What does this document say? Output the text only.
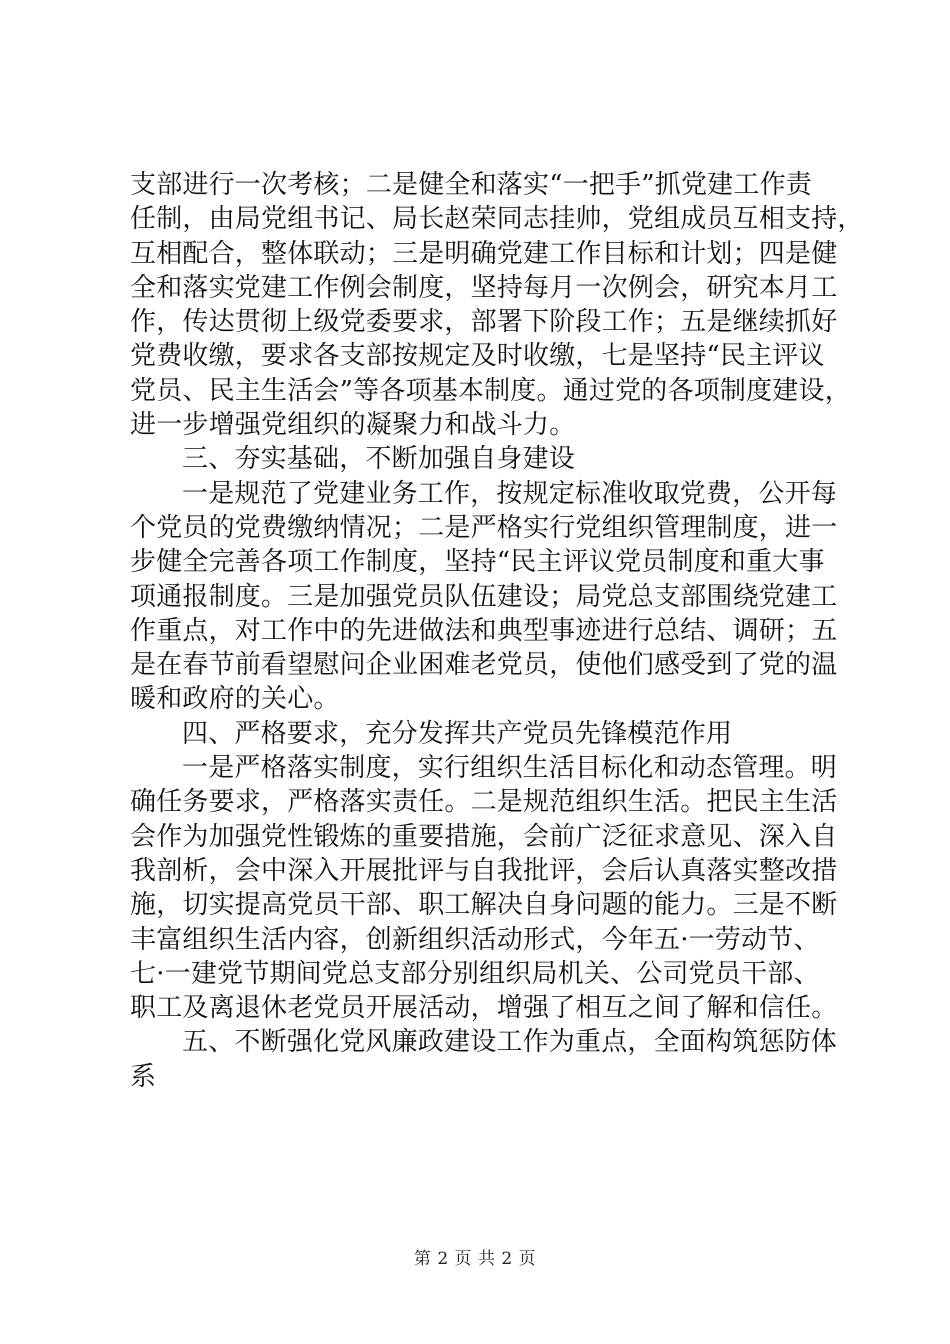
支部进行一次考核；二是健全和落实“一把手”抓党建工作责
任制，由局党组书记、局长赵荣同志挂帅，党组成员互相支持，
互相配合，整体联动；三是明确党建工作目标和计划；四是健
全和落实党建工作例会制度，坚持每月一次例会，研究本月工
作，传达贯彻上级党委要求，部署下阶段工作；五是继续抓好
党费收缴，要求各支部按规定及时收缴，七是坚持“民主评议
党员、民主生活会”等各项基本制度。通过党的各项制度建设，
进一步增强党组织的凝聚力和战斗力。
三、夯实基础，不断加强自身建设
一是规范了党建业务工作，按规定标准收取党费，公开每
个党员的党费缴纳情况；二是严格实行党组织管理制度，进一
步健全完善各项工作制度，坚持“民主评议党员制度和重大事
项通报制度。三是加强党员队伍建设；局党总支部围绕党建工
作重点，对工作中的先进做法和典型事迹进行总结、调研；五
是在春节前看望慰问企业困难老党员，使他们感受到了党的温
暖和政府的关心。
四、严格要求，充分发挥共产党员先锋模范作用
一是严格落实制度，实行组织生活目标化和动态管理。明
确任务要求，严格落实责任。二是规范组织生活。把民主生活
会作为加强党性锻炼的重要措施，会前广泛征求意见、深入自
我剖析，会中深入开展批评与自我批评，会后认真落实整改措
施，切实提高党员干部、职工解决自身问题的能力。三是不断
丰富组织生活内容，创新组织活动形式，今年五·一劳动节、
七·一建党节期间党总支部分别组织局机关、公司党员干部、
职工及离退休老党员开展活动，增强了相互之间了解和信任。
五、不断强化党风廉政建设工作为重点，全面构筑惩防体
系
第 2 页 共 2 页
